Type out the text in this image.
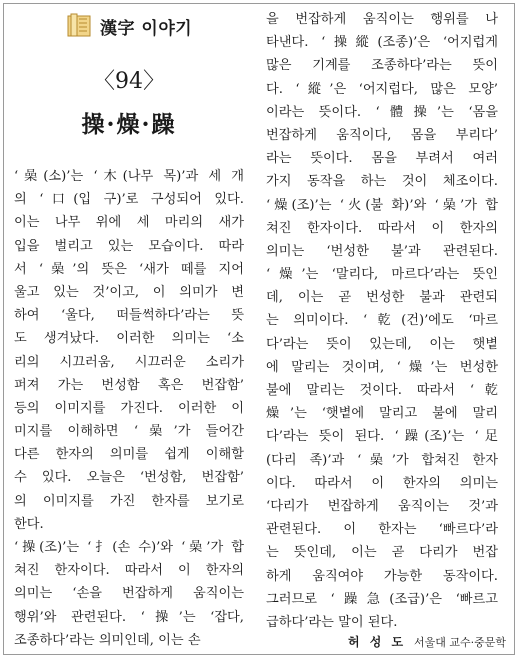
漢字 이야기
〈94〉
操·燥·躁
‘喿(소)’는 ‘木(나무 목)’과 세 개
의 ‘口(입 구)’로 구성되어 있다.
이는 나무 위에 세 마리의 새가
입을 벌리고 있는 모습이다. 따라
서 ‘喿’의 뜻은 ‘새가 떼를 지어
울고 있는 것’이고, 이 의미가 변
하여 ‘울다, 떠들썩하다’라는 뜻
도 생겨났다. 이러한 의미는 ‘소
리의 시끄러움, 시끄러운 소리가
퍼져 가는 번성함 혹은 번잡함’
등의 이미지를 가진다. 이러한 이
미지를 이해하면 ‘喿’가 들어간
다른 한자의 의미를 쉽게 이해할
수 있다. 오늘은 ‘번성함, 번잡함’
의 이미지를 가진 한자를 보기로
한다.
‘操(조)’는 ‘扌(손 수)’와 ‘喿’가 합
쳐진 한자이다. 따라서 이 한자의
의미는 ‘손을 번잡하게 움직이는
행위’와 관련된다. ‘操’는 ‘잡다,
조종하다’라는 의미인데, 이는 손
을 번잡하게 움직이는 행위를 나
타낸다. ‘操縱(조종)’은 ‘어지럽게
많은 기계를 조종하다’라는 뜻이
다. ‘縱’은 ‘어지럽다, 많은 모양’
이라는 뜻이다. ‘體操’는 ‘몸을
번잡하게 움직이다, 몸을 부리다’
라는 뜻이다. 몸을 부려서 여러
가지 동작을 하는 것이 체조이다.
‘燥(조)’는 ‘火(불 화)’와 ‘喿’가 합
쳐진 한자이다. 따라서 이 한자의
의미는 ‘번성한 불’과 관련된다.
‘燥’는 ‘말리다, 마르다’라는 뜻인
데, 이는 곧 번성한 불과 관련되
는 의미이다. ‘乾(건)’에도 ‘마르
다’라는 뜻이 있는데, 이는 햇볕
에 말리는 것이며, ‘燥’는 번성한
불에 말리는 것이다. 따라서 ‘乾
燥’는 ‘햇볕에 말리고 불에 말리
다’라는 뜻이 된다. ‘躁(조)’는 ‘足
(다리 족)’과 ‘喿’가 합쳐진 한자
이다. 따라서 이 한자의 의미는
‘다리가 번잡하게 움직이는 것’과
관련된다. 이 한자는 ‘빠르다’라
는 뜻인데, 이는 곧 다리가 번잡
하게 움직여야 가능한 동작이다.
그러므로 ‘躁急(조급)’은 ‘빠르고
급하다’라는 말이 된다.
허 성 도 서울대 교수·중문학
